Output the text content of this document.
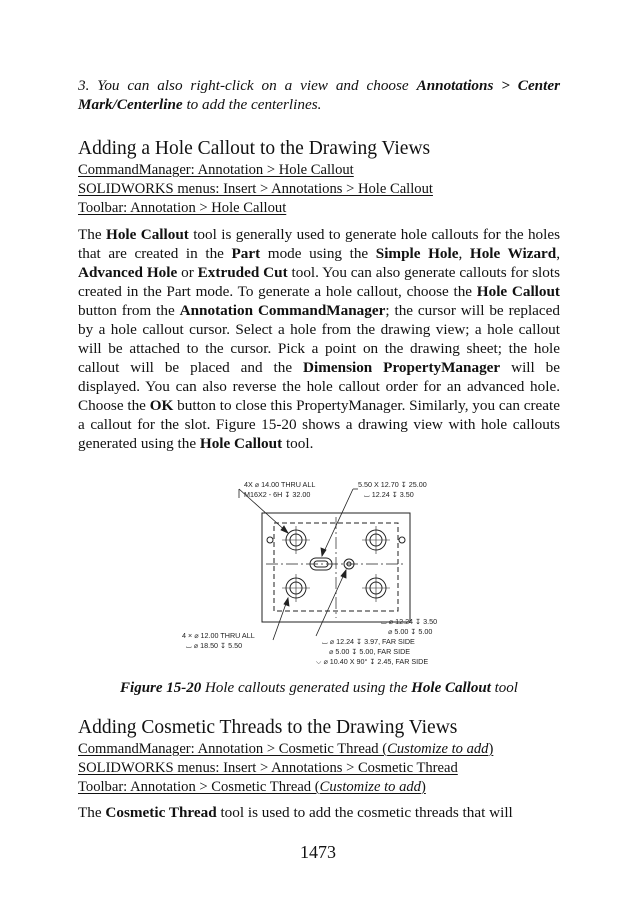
3. You can also right-click on a view and choose Annotations > Center Mark/Centerline to add the centerlines.

Adding a Hole Callout to the Drawing Views

CommandManager: Annotation > Hole Callout

SOLIDWORKS menus: Insert > Annotations > Hole Callout

Toolbar: Annotation > Hole Callout

The Hole Callout tool is generally used to generate hole callouts for the holes that are created in the Part mode using the Simple Hole, Hole Wizard, Advanced Hole or Extruded Cut tool. You can also generate callouts for slots created in the Part mode. To generate a hole callout, choose the Hole Callout button from the Annotation CommandManager; the cursor will be replaced by a hole callout cursor. Select a hole from the drawing view; a hole callout will be attached to the cursor. Pick a point on the drawing sheet; the hole callout will be placed and the Dimension PropertyManager will be displayed. You can also reverse the hole callout order for an advanced hole. Choose the OK button to close this PropertyManager. Similarly, you can create a callout for the slot. Figure 15-20 shows a drawing view with hole callouts generated using the Hole Callout tool.

4X ⌀ 14.00 THRU ALL
M16X2 - 6H ↧ 32.00
5.50 X 12.70 ↧ 25.00
⌴ 12.24 ↧ 3.50
4 × ⌀ 12.00 THRU ALL
⌴ ⌀ 18.50 ↧ 5.50
⌴ ⌀ 12.24 ↧ 3.50
⌀ 5.00 ↧ 5.00
⌴ ⌀ 12.24 ↧ 3.97, FAR SIDE
⌀ 5.00 ↧ 5.00, FAR SIDE
⌵ ⌀ 10.40 X 90° ↧ 2.45, FAR SIDE

Figure 15-20 Hole callouts generated using the Hole Callout tool

Adding Cosmetic Threads to the Drawing Views

CommandManager: Annotation > Cosmetic Thread (Customize to add)

SOLIDWORKS menus: Insert > Annotations > Cosmetic Thread

Toolbar: Annotation > Cosmetic Thread (Customize to add)

The Cosmetic Thread tool is used to add the cosmetic threads that will

1473
